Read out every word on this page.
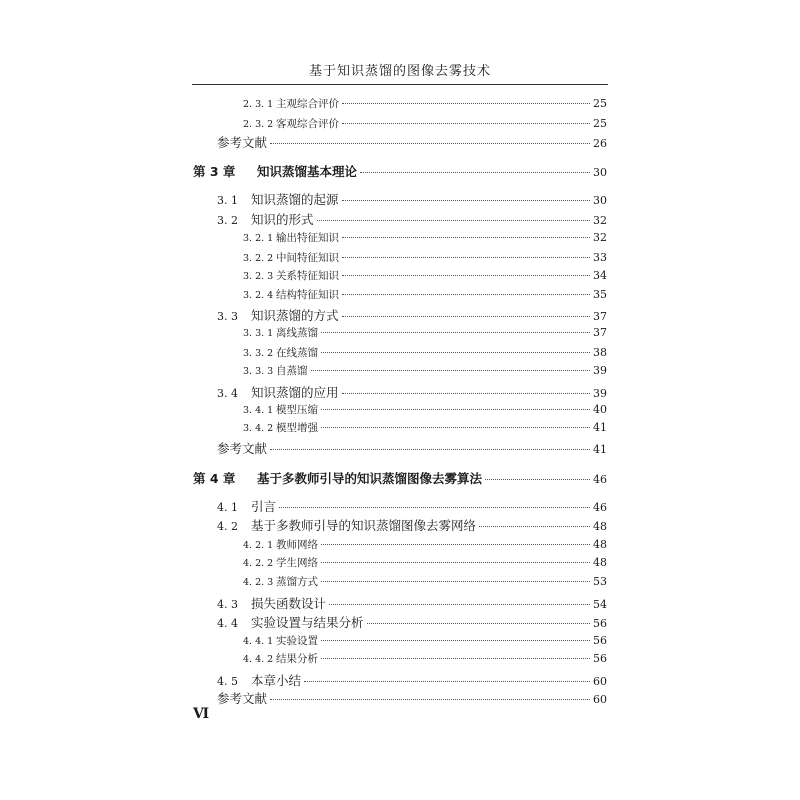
基于知识蒸馏的图像去雾技术
2. 3. 1 主观综合评价	25
2. 3. 2 客观综合评价	25
参考文献	26
第 3 章	知识蒸馏基本理论	30
3. 1	知识蒸馏的起源	30
3. 2	知识的形式	32
3. 2. 1 输出特征知识	32
3. 2. 2 中间特征知识	33
3. 2. 3 关系特征知识	34
3. 2. 4 结构特征知识	35
3. 3	知识蒸馏的方式	37
3. 3. 1 离线蒸馏	37
3. 3. 2 在线蒸馏	38
3. 3. 3 自蒸馏	39
3. 4	知识蒸馏的应用	39
3. 4. 1 模型压缩	40
3. 4. 2 模型增强	41
参考文献	41
第 4 章	基于多教师引导的知识蒸馏图像去雾算法	46
4. 1	引言	46
4. 2	基于多教师引导的知识蒸馏图像去雾网络	48
4. 2. 1 教师网络	48
4. 2. 2 学生网络	48
4. 2. 3 蒸馏方式	53
4. 3	损失函数设计	54
4. 4	实验设置与结果分析	56
4. 4. 1 实验设置	56
4. 4. 2 结果分析	56
4. 5	本章小结	60
参考文献	60
Ⅵ
